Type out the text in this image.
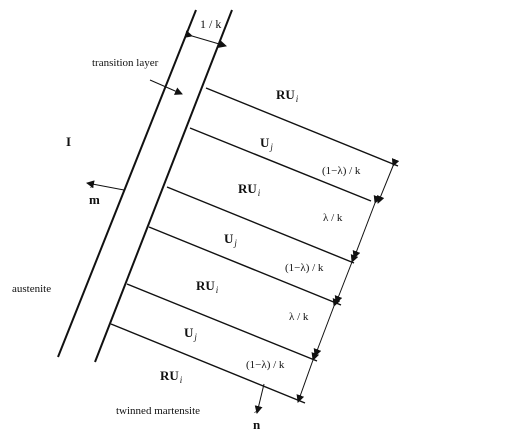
1 / k
transition layer
I
ˆ m
austenite
twinned martensite
ˆ n
$RU_i$
$U_j$
$RU_i$
$U_j$
$RU_i$
$U_j$
$RU_i$
(1−λ) / k
λ / k
(1−λ) / k
λ / k
(1−λ) / k
